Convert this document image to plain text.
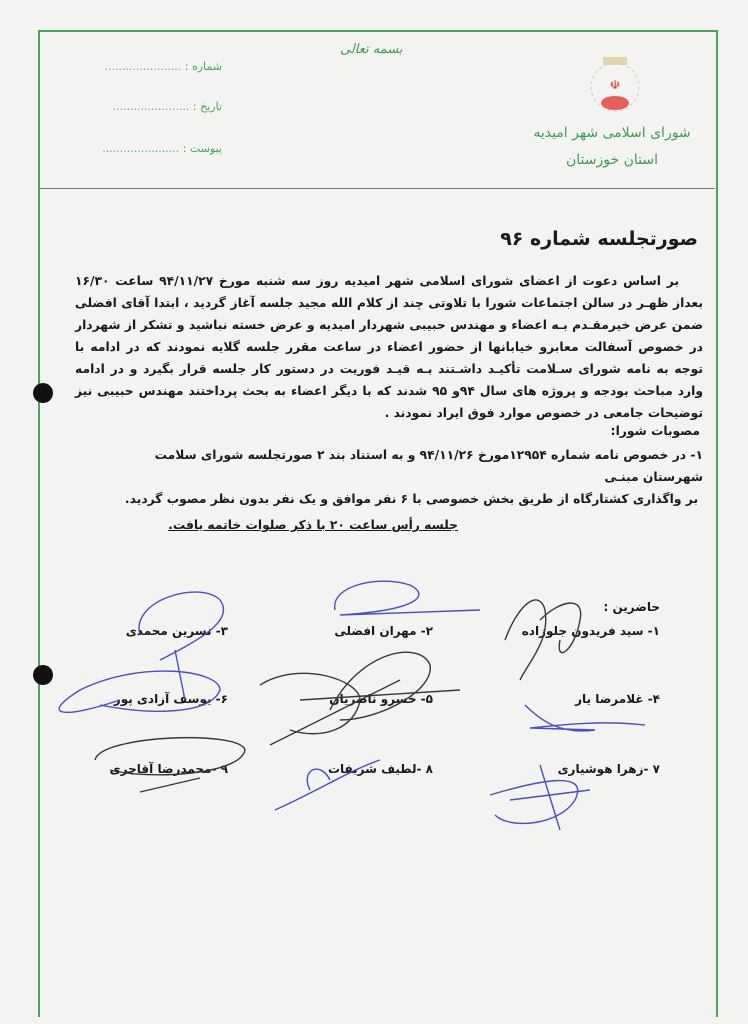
بسمه تعالی
شماره : ......................
تاریخ : ......................
پیوست : ......................
☫
شورای اسلامی شهر امیدیه
استان خوزستان
صورتجلسه شماره ۹۶

بر اساس دعوت از اعضای شورای اسلامی شهر امیدیه روز سه شنبه مورخ ۹۴/۱۱/۲۷ ساعت ۱۶/۳۰ بعداز ظهـر در سالن اجتماعات شورا با تلاوتی چند از کلام الله مجید جلسه آغاز گردید ، ابتدا آقای افضلی ضمن عرض خیرمقـدم بـه اعضاء و مهندس حبیبی شهردار امیدیه و عرض خسته نباشید و تشکر از شهردار در خصوص آسفالت معابرو خیابانها از حضور اعضاء در ساعت مقرر جلسه گلایه نمودند که در ادامه با توجه به نامه شورای سـلامت تأکیـد داشـتند بـه قیـد فوریت در دستور کار جلسه قرار بگیرد و در ادامه وارد مباحث بودجه و پروژه های سال ۹۴و ۹۵ شدند که با دیگر اعضاء به بحث پرداختند مهندس حبیبی نیز توضیحات جامعی در خصوص موارد فوق ایراد نمودند .

مصوبات شورا:
۱- در خصوص نامه شماره ۱۲۹۵۴مورخ ۹۴/۱۱/۲۶ و به استناد بند ۲ صورتجلسه شورای سلامت شهرستان مبنـی
بر واگذاری کشتارگاه از طریق بخش خصوصی با ۶ نفر موافق و یک نفر بدون نظر مصوب گردید.
جلسه رأس ساعت ۲۰ با ذکر صلوات خاتمه یافت.
حاضرین :
۱- سید فریدون جلوزاده
۲- مهران افضلی
۳- نسرین محمدی
۴- غلامرضا یار
۵- خسرو ناصریان
۶- یوسف آزادی پور
۷ -زهرا هوشیاری
۸ -لطیف شریفات
۹ -محمدرضا آقاجری
